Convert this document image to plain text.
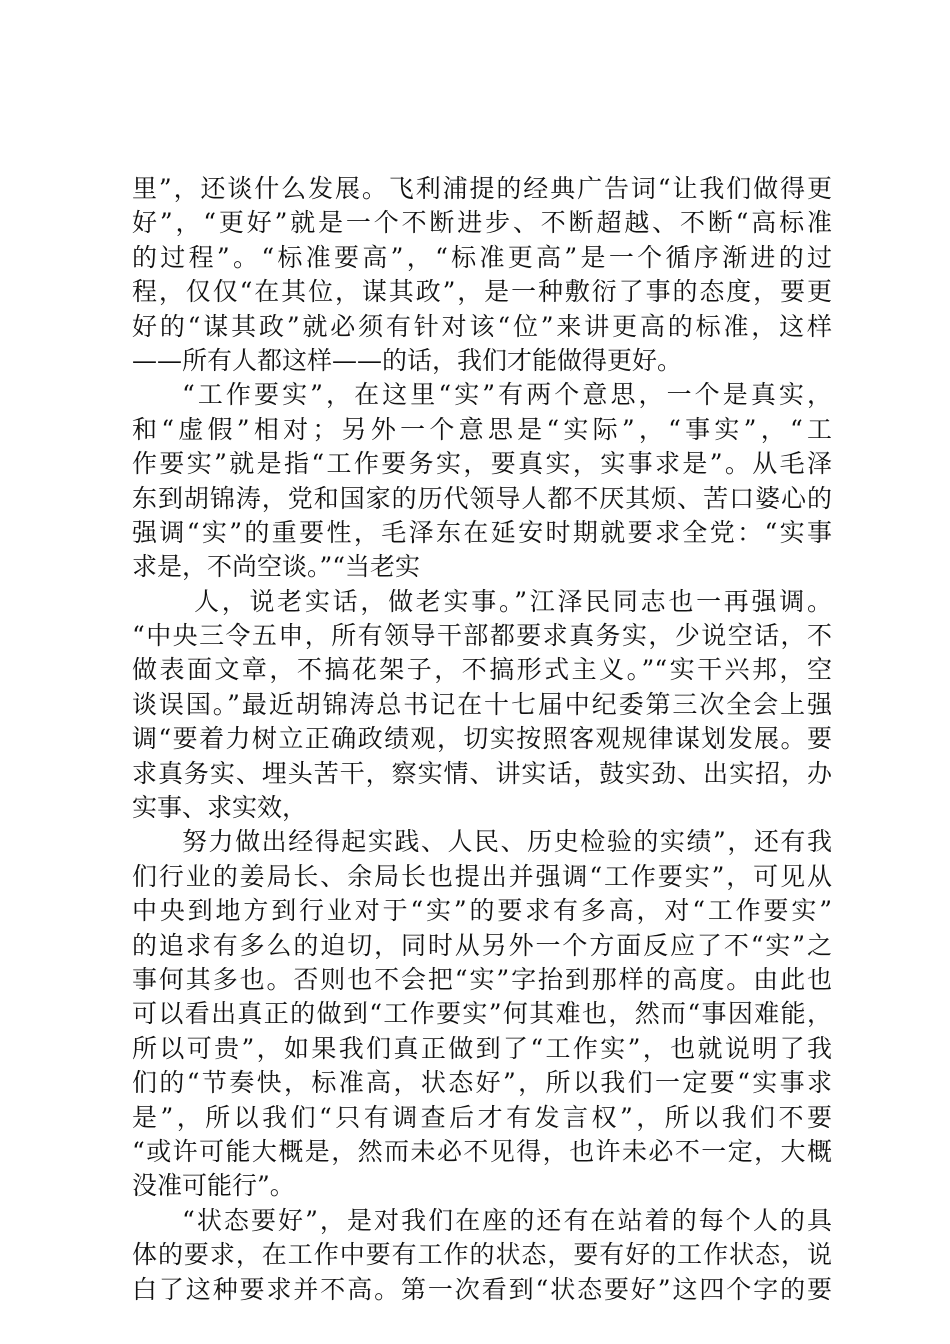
里”，还谈什么发展。飞利浦提的经典广告词“让我们做得更
好”，“更好”就是一个不断进步、不断超越、不断“高标准
的过程”。“标准要高”，“标准更高”是一个循序渐进的过
程，仅仅“在其位，谋其政”，是一种敷衍了事的态度，要更
好的“谋其政”就必须有针对该“位”来讲更高的标准，这样
——所有人都这样——的话，我们才能做得更好。
“工作要实”，在这里“实”有两个意思，一个是真实，
和“虚假”相对；另外一个意思是“实际”，“事实”，“工
作要实”就是指“工作要务实，要真实，实事求是”。从毛泽
东到胡锦涛，党和国家的历代领导人都不厌其烦、苦口婆心的
强调“实”的重要性，毛泽东在延安时期就要求全党：“实事
求是，不尚空谈。”“当老实
人，说老实话，做老实事。”江泽民同志也一再强调。
“中央三令五申，所有领导干部都要求真务实，少说空话，不
做表面文章，不搞花架子，不搞形式主义。”“实干兴邦，空
谈误国。”最近胡锦涛总书记在十七届中纪委第三次全会上强
调“要着力树立正确政绩观，切实按照客观规律谋划发展。要
求真务实、埋头苦干，察实情、讲实话，鼓实劲、出实招，办
实事、求实效，
努力做出经得起实践、人民、历史检验的实绩”，还有我
们行业的姜局长、余局长也提出并强调“工作要实”，可见从
中央到地方到行业对于“实”的要求有多高，对“工作要实”
的追求有多么的迫切，同时从另外一个方面反应了不“实”之
事何其多也。否则也不会把“实”字抬到那样的高度。由此也
可以看出真正的做到“工作要实”何其难也，然而“事因难能，
所以可贵”，如果我们真正做到了“工作实”，也就说明了我
们的“节奏快，标准高，状态好”，所以我们一定要“实事求
是”，所以我们“只有调查后才有发言权”，所以我们不要
“或许可能大概是，然而未必不见得，也许未必不一定，大概
没准可能行”。
“状态要好”，是对我们在座的还有在站着的每个人的具
体的要求，在工作中要有工作的状态，要有好的工作状态，说
白了这种要求并不高。第一次看到“状态要好”这四个字的要
